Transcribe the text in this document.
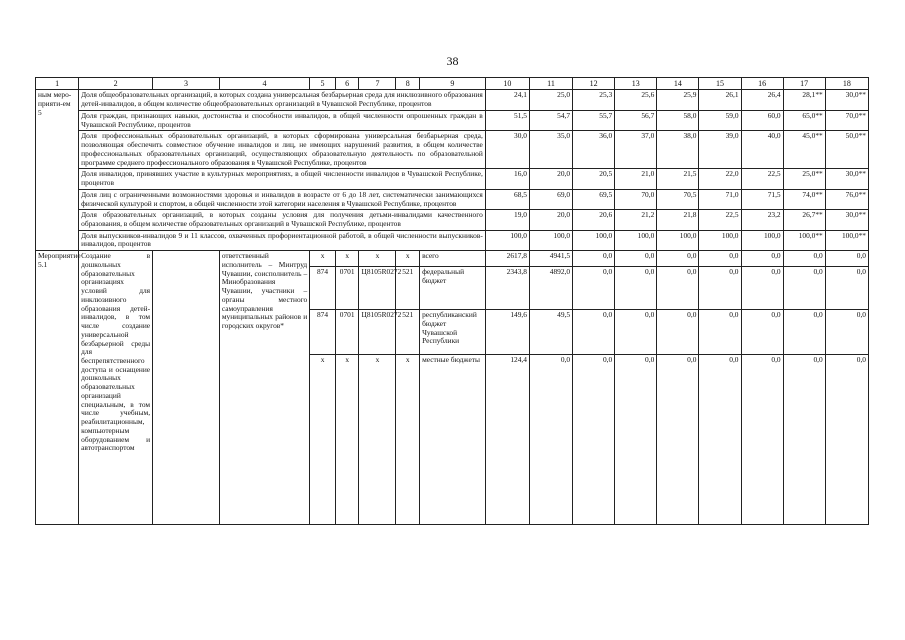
38
1	2	3	4	5	6	7	8	9	10	11	12	13	14	15	16	17	18
ным меро-прияти-ем 5	Доля общеобразовательных организаций, в которых создана универсальная безбарьерная среда для инклюзивного образования детей-инвалидов, в общем количестве общеобразовательных организаций в Чувашской Республике, процентов								24,1	25,0	25,3	25,6	25,9	26,1	26,4	28,1**	30,0**
	Доля граждан, признающих навыки, достоинства и способности инвалидов, в общей численности опрошенных граждан в Чувашской Республике, процентов								51,5	54,7	55,7	56,7	58,0	59,0	60,0	65,0**	70,0**
	Доля профессиональных образовательных организаций, в которых сформирована универсальная безбарьерная среда, позволяющая обеспечить совместное обучение инвалидов и лиц, не имеющих нарушений развития, в общем количестве профессиональных образовательных организаций, осуществляющих образовательную деятельность по образовательной программе среднего профессионального образования в Чувашской Республике, процентов								30,0	35,0	36,0	37,0	38,0	39,0	40,0	45,0**	50,0**
	Доля инвалидов, принявших участие в культурных мероприятиях, в общей численности инвалидов в Чувашской Республике, процентов								16,0	20,0	20,5	21,0	21,5	22,0	22,5	25,0**	30,0**
	Доля лиц с ограниченными возможностями здоровья и инвалидов в возрасте от 6 до 18 лет, систематически занимающихся физической культурой и спортом, в общей численности этой категории населения в Чувашской Республике, процентов								68,5	69,0	69,5	70,0	70,5	71,0	71,5	74,0**	76,0**
	Доля образовательных организаций, в которых созданы условия для получения детьми-инвалидами качественного образования, в общем количестве образовательных организаций в Чувашской Республике, процентов								19,0	20,0	20,6	21,2	21,8	22,5	23,2	26,7**	30,0**
	Доля выпускников-инвалидов 9 и 11 классов, охваченных профориентационной работой, в общей численности выпускников-инвалидов, процентов								100,0	100,0	100,0	100,0	100,0	100,0	100,0	100,0**	100,0**
Мероприятие 5.1	Создание в дошкольных образовательных организациях условий для инклюзивного образования детей-инвалидов, в том числе создание универсальной безбарьерной среды для беспрепятственного доступа и оснащение дошкольных образовательных организаций специальным, в том числе учебным, реабилитационным, компьютерным оборудованием и автотранспортом		ответственный исполнитель – Минтруд Чувашии, соисполнитель – Минобразования Чувашии, участники – органы местного самоуправления муниципальных районов и городских округов*	x	x	x	x	всего	2617,8	4941,5	0,0	0,0	0,0	0,0	0,0	0,0	0,0
				874	0701	Ц8105R0272	521	федеральный бюджет	2343,8	4892,0	0,0	0,0	0,0	0,0	0,0	0,0	0,0
				874	0701	Ц8105R0272	521	республиканский бюджет Чувашской Республики	149,6	49,5	0,0	0,0	0,0	0,0	0,0	0,0	0,0
				x	x	x	x	местные бюджеты	124,4	0,0	0,0	0,0	0,0	0,0	0,0	0,0	0,0
